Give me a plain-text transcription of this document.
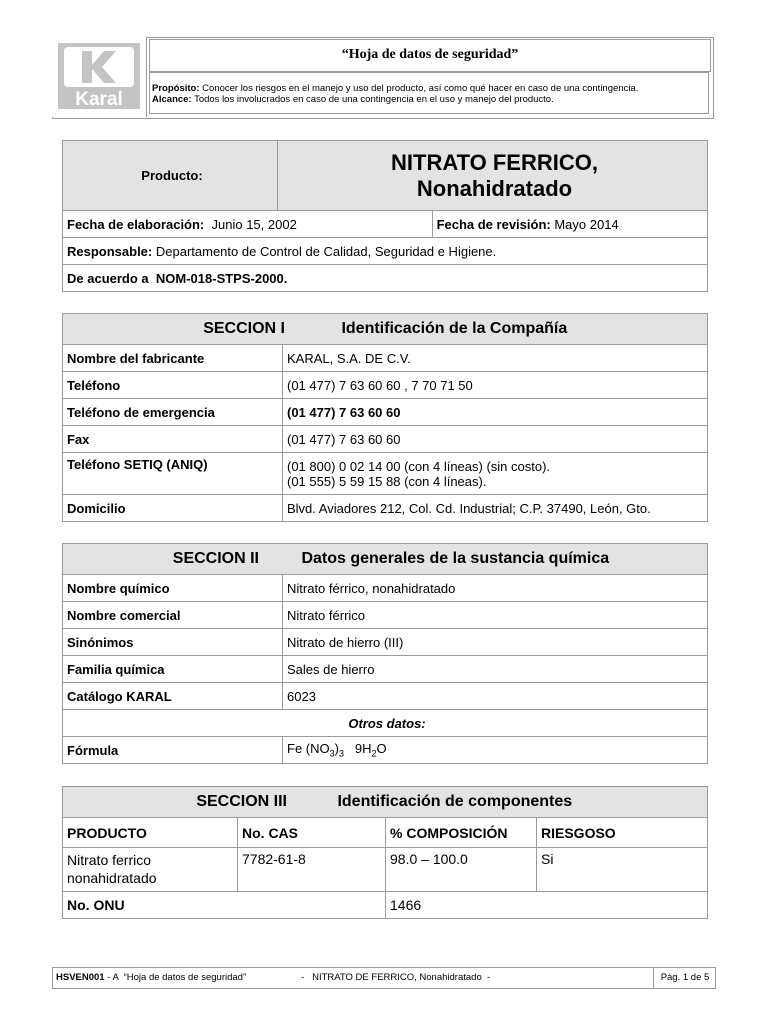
Karal
“Hoja de datos de seguridad”
Propósito: Conocer los riesgos en el manejo y uso del producto, así como qué hacer en caso de una contingencia.
Alcance: Todos los involucrados en caso de una contingencia en el uso y manejo del producto.
Producto:	NITRATO FERRICO,
Nonahidratado	

Fecha de elaboración: Junio 15, 2002		Fecha de revisión: Mayo 2014
Responsable: Departamento de Control de Calidad, Seguridad e Higiene.		
De acuerdo a NOM-018-STPS-2000.		
SECCION I Identificación de la Compañía	
Nombre del fabricante	KARAL, S.A. DE C.V.
Teléfono	(01 477) 7 63 60 60 , 7 70 71 50
Teléfono de emergencia	(01 477) 7 63 60 60
Fax	(01 477) 7 63 60 60
Teléfono SETIQ (ANIQ)	(01 800) 0 02 14 00 (con 4 líneas) (sin costo).
(01 555) 5 59 15 88 (con 4 líneas).

Domicilio	Blvd. Aviadores 212, Col. Cd. Industrial; C.P. 37490, León, Gto.
SECCION II Datos generales de la sustancia química	
Nombre químico	Nitrato férrico, nonahidratado
Nombre comercial	Nitrato férrico
Sinónimos	Nitrato de hierro (III)
Familia química	Sales de hierro
Catálogo KARAL	6023
Otros datos:	
Fórmula	Fe $(NO_3)_3$   $9H_2O$
SECCION III Identificación de componentes			
PRODUCTO	No. CAS	% COMPOSICIÓN	RIESGOSO

Nitrato ferrico
nonahidratado	7782-61-8	98.0 – 100.0	Si
No. ONU		1466	
HSVEN001 - A  “Hoja de datos de seguridad”	-   NITRATO DE FERRICO, Nonahidratado  -	Pág. 1 de 5
